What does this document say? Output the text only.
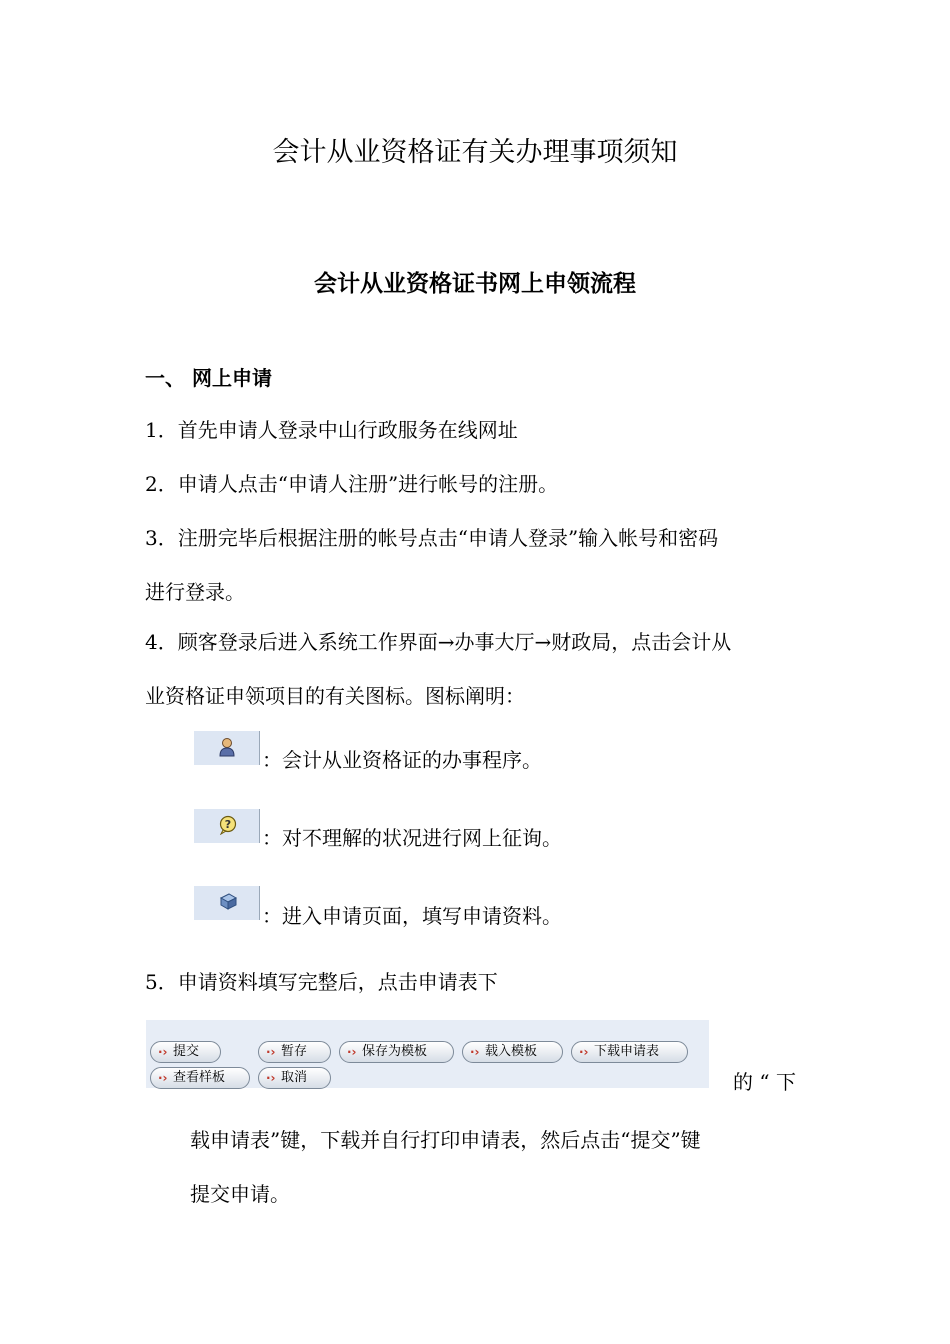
会计从业资格证有关办理事项须知
会计从业资格证书网上申领流程
一、 网上申请
1．首先申请人登录中山行政服务在线网址
2．申请人点击“申请人注册”进行帐号的注册。
3．注册完毕后根据注册的帐号点击“申请人登录”输入帐号和密码
进行登录。
4．顾客登录后进入系统工作界面→办事大厅→财政局，点击会计从
业资格证申领项目的有关图标。图标阐明：
：会计从业资格证的办事程序。
?
：对不理解的状况进行网上征询。
：进入申请页面，填写申请资料。
5．申请资料填写完整后，点击申请表下
·› 提交	·› 暂存	·› 保存为模板	·› 载入模板	·› 下载申请表
·› 查看样板	·› 取消	的 “ 下
载申请表”键，下载并自行打印申请表，然后点击“提交”键
提交申请。
